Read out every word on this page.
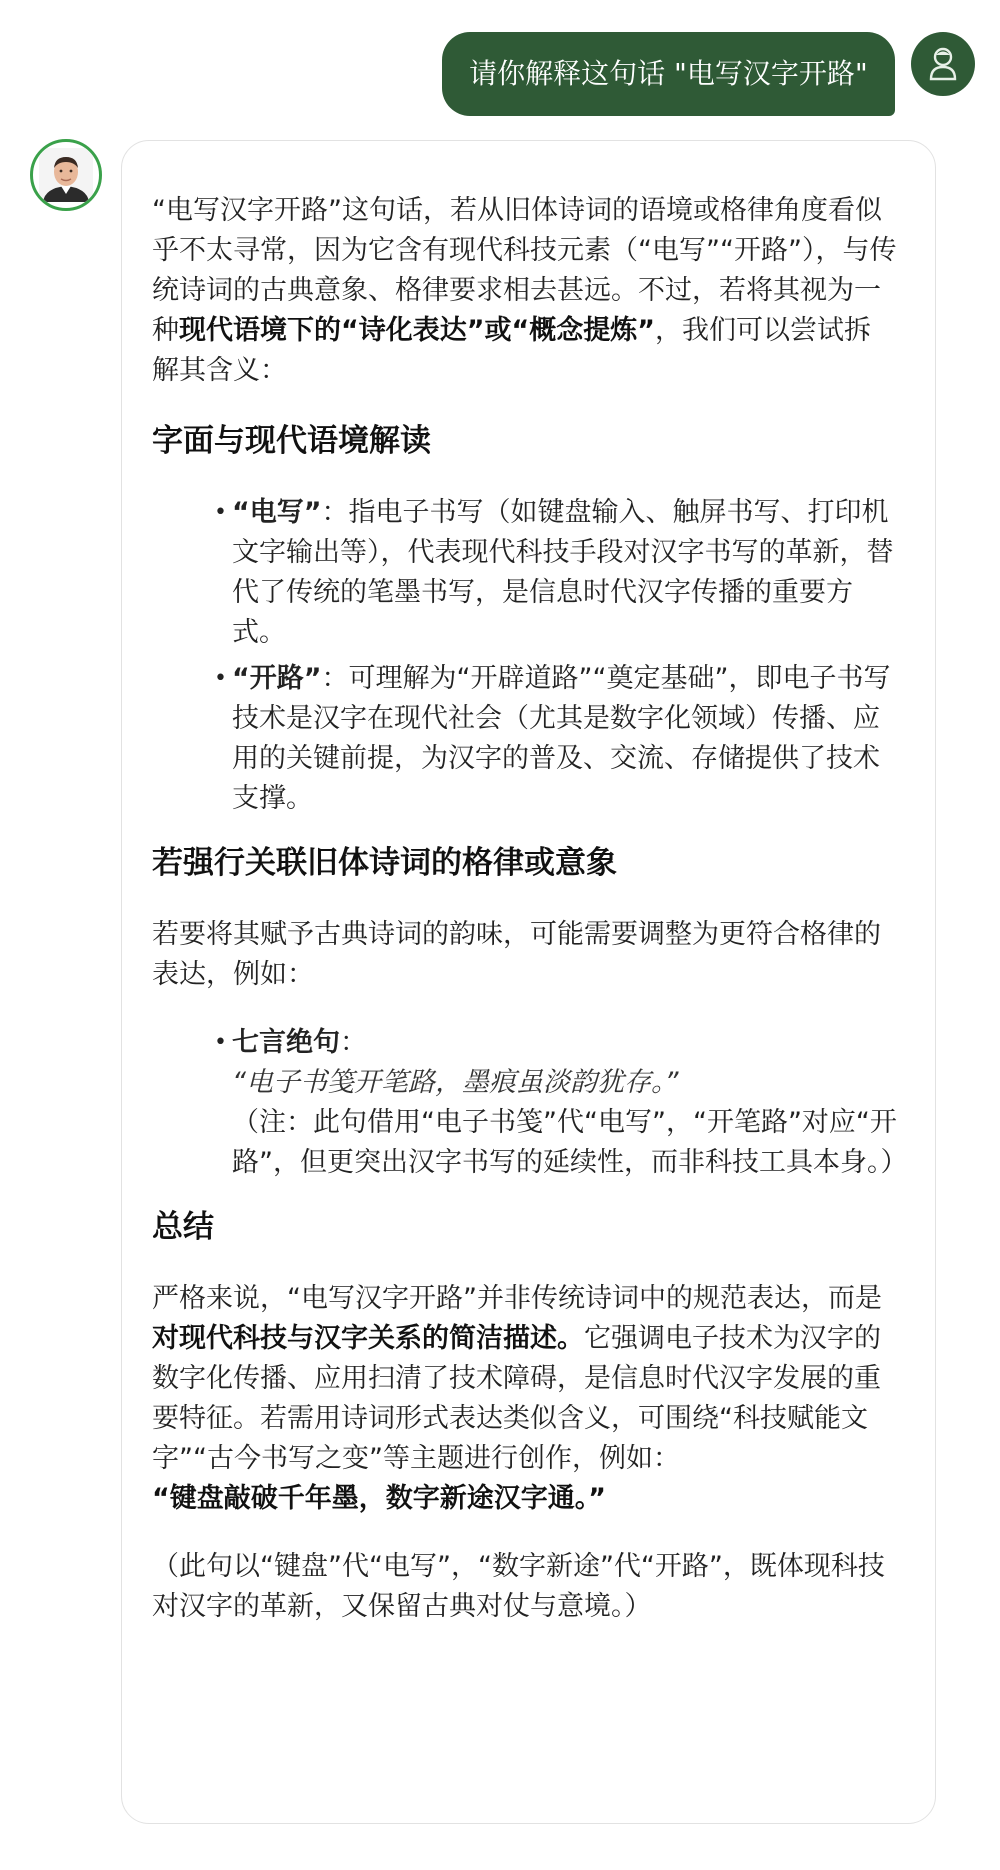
请你解释这句话 "电写汉字开路"

“电写汉字开路”这句话，若从旧体诗词的语境或格律角度看似乎不太寻常，因为它含有现代科技元素（“电写”“开路”），与传统诗词的古典意象、格律要求相去甚远。不过，若将其视为一种现代语境下的“诗化表达”或“概念提炼”，我们可以尝试拆解其含义：

字面与现代语境解读
• “电写”：指电子书写（如键盘输入、触屏书写、打印机文字输出等），代表现代科技手段对汉字书写的革新，替代了传统的笔墨书写，是信息时代汉字传播的重要方式。
• “开路”：可理解为“开辟道路”“奠定基础”，即电子书写技术是汉字在现代社会（尤其是数字化领域）传播、应用的关键前提，为汉字的普及、交流、存储提供了技术支撑。
若强行关联旧体诗词的格律或意象

若要将其赋予古典诗词的韵味，可能需要调整为更符合格律的表达，例如：

• 七言绝句：
“电子书笺开笔路，墨痕虽淡韵犹存。”
（注：此句借用“电子书笺”代“电写”，“开笔路”对应“开路”，但更突出汉字书写的延续性，而非科技工具本身。）
总结

严格来说，“电写汉字开路”并非传统诗词中的规范表达，而是对现代科技与汉字关系的简洁描述。它强调电子技术为汉字的数字化传播、应用扫清了技术障碍，是信息时代汉字发展的重要特征。若需用诗词形式表达类似含义，可围绕“科技赋能文字”“古今书写之变”等主题进行创作，例如：
“键盘敲破千年墨，数字新途汉字通。”

（此句以“键盘”代“电写”，“数字新途”代“开路”，既体现科技对汉字的革新，又保留古典对仗与意境。）
